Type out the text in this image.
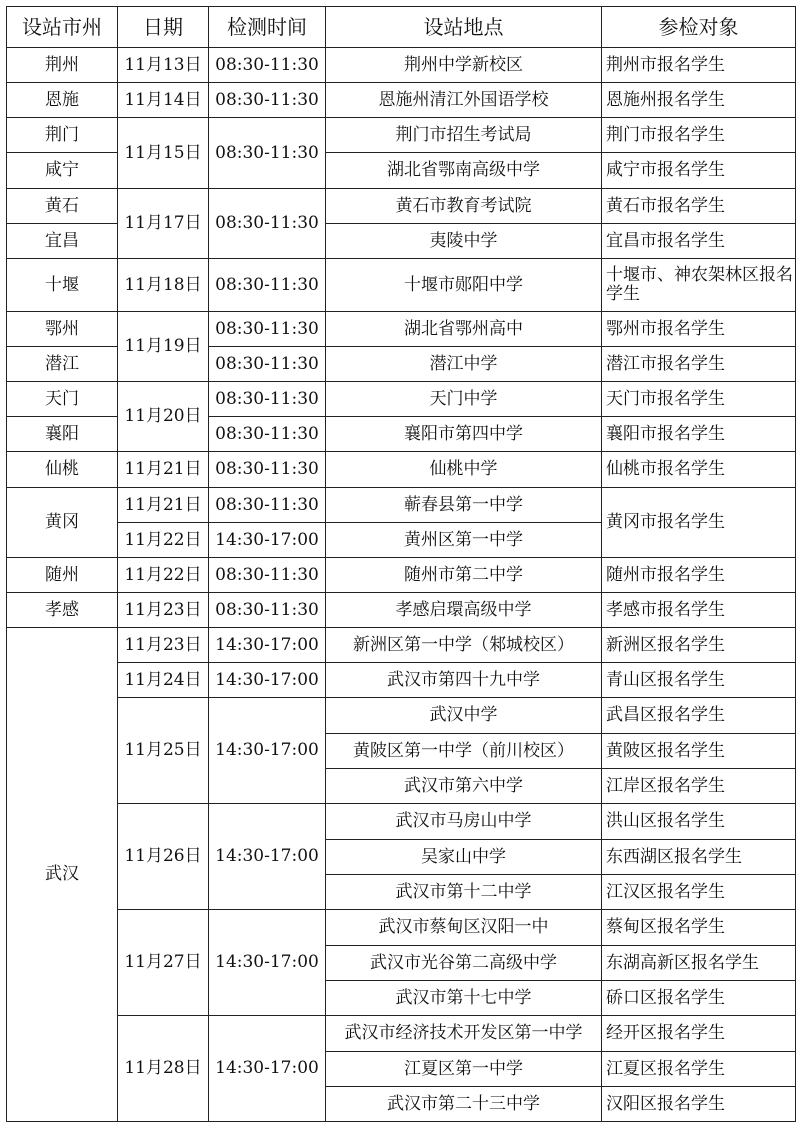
设站市州	日期	检测时间	设站地点	参检对象
荆州	11月13日	08:30-11:30	荆州中学新校区	荆州市报名学生
恩施	11月14日	08:30-11:30	恩施州清江外国语学校	恩施州报名学生
荆门	11月15日	08:30-11:30	荆门市招生考试局	荆门市报名学生
咸宁			湖北省鄂南高级中学	咸宁市报名学生
黄石	11月17日	08:30-11:30	黄石市教育考试院	黄石市报名学生
宜昌			夷陵中学	宜昌市报名学生
十堰	11月18日	08:30-11:30	十堰市郧阳中学	十堰市、神农架林区报名学生
鄂州	11月19日	08:30-11:30	湖北省鄂州高中	鄂州市报名学生
潜江		08:30-11:30	潜江中学	潜江市报名学生
天门	11月20日	08:30-11:30	天门中学	天门市报名学生
襄阳		08:30-11:30	襄阳市第四中学	襄阳市报名学生
仙桃	11月21日	08:30-11:30	仙桃中学	仙桃市报名学生
黄冈	11月21日	08:30-11:30	蕲春县第一中学	黄冈市报名学生
	11月22日	14:30-17:00	黄州区第一中学	
随州	11月22日	08:30-11:30	随州市第二中学	随州市报名学生
孝感	11月23日	08:30-11:30	孝感启環高级中学	孝感市报名学生
武汉	11月23日	14:30-17:00	新洲区第一中学（邾城校区）	新洲区报名学生
	11月24日	14:30-17:00	武汉市第四十九中学	青山区报名学生
	11月25日	14:30-17:00	武汉中学	武昌区报名学生
			黄陂区第一中学（前川校区）	黄陂区报名学生
			武汉市第六中学	江岸区报名学生
	11月26日	14:30-17:00	武汉市马房山中学	洪山区报名学生
			吴家山中学	东西湖区报名学生
			武汉市第十二中学	江汉区报名学生
	11月27日	14:30-17:00	武汉市蔡甸区汉阳一中	蔡甸区报名学生
			武汉市光谷第二高级中学	东湖高新区报名学生
			武汉市第十七中学	硚口区报名学生
	11月28日	14:30-17:00	武汉市经济技术开发区第一中学	经开区报名学生
			江夏区第一中学	江夏区报名学生
			武汉市第二十三中学	汉阳区报名学生
